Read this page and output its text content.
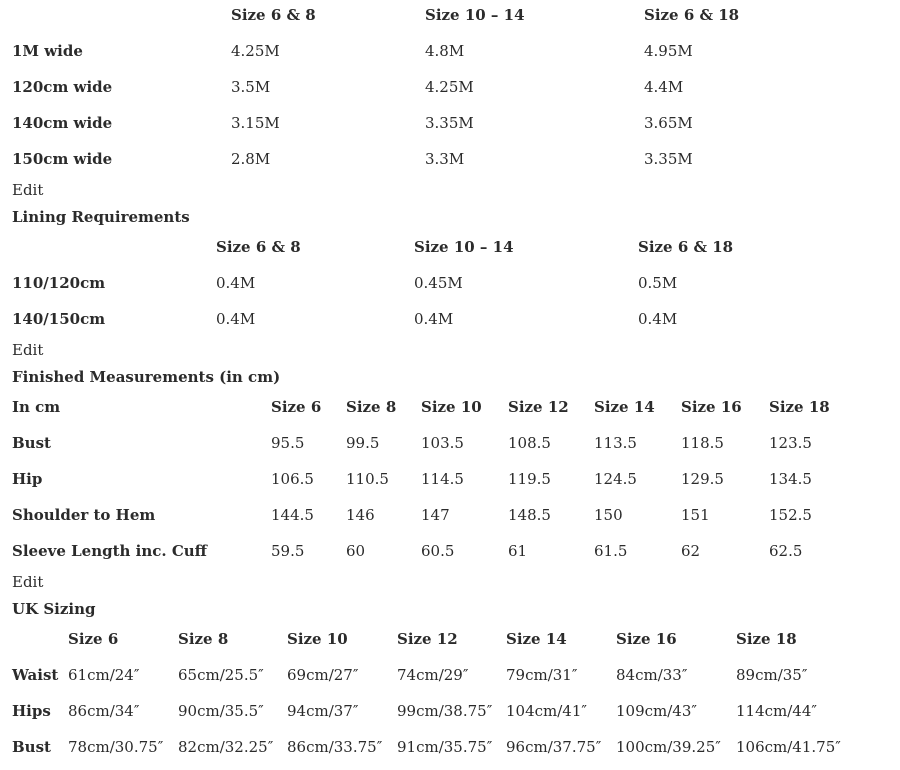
Size 6 & 8	Size 10 – 14	Size 6 & 18
1M wide	4.25M	4.8M	4.95M
120cm wide	3.5M	4.25M	4.4M
140cm wide	3.15M	3.35M	3.65M
150cm wide	2.8M	3.3M	3.35M
Edit
Lining Requirements
Size 6 & 8	Size 10 – 14	Size 6 & 18
110/120cm	0.4M	0.45M	0.5M
140/150cm	0.4M	0.4M	0.4M
Edit
Finished Measurements (in cm)
In cm	Size 6 Size 8 Size 10 Size 12 Size 14 Size 16 Size 18
Bust	95.5	99.5	103.5	108.5	113.5	118.5	123.5
Hip	106.5 110.5 114.5	119.5	124.5	129.5	134.5
Shoulder to Hem	144.5 146	147	148.5	150	151	152.5
Sleeve Length inc. Cuff	59.5	60	60.5	61	61.5	62	62.5
Edit
UK Sizing
Size 6	Size 8	Size 10	Size 12	Size 14	Size 16	Size 18
Waist 61cm/24″	65cm/25.5″ 69cm/27″	74cm/29″	79cm/31″	84cm/33″	89cm/35″
Hips 86cm/34″	90cm/35.5″ 94cm/37″	99cm/38.75″ 104cm/41″ 109cm/43″	114cm/44″
Bust 78cm/30.75″ 82cm/32.25″ 86cm/33.75″ 91cm/35.75″ 96cm/37.75″ 100cm/39.25″ 106cm/41.75″
